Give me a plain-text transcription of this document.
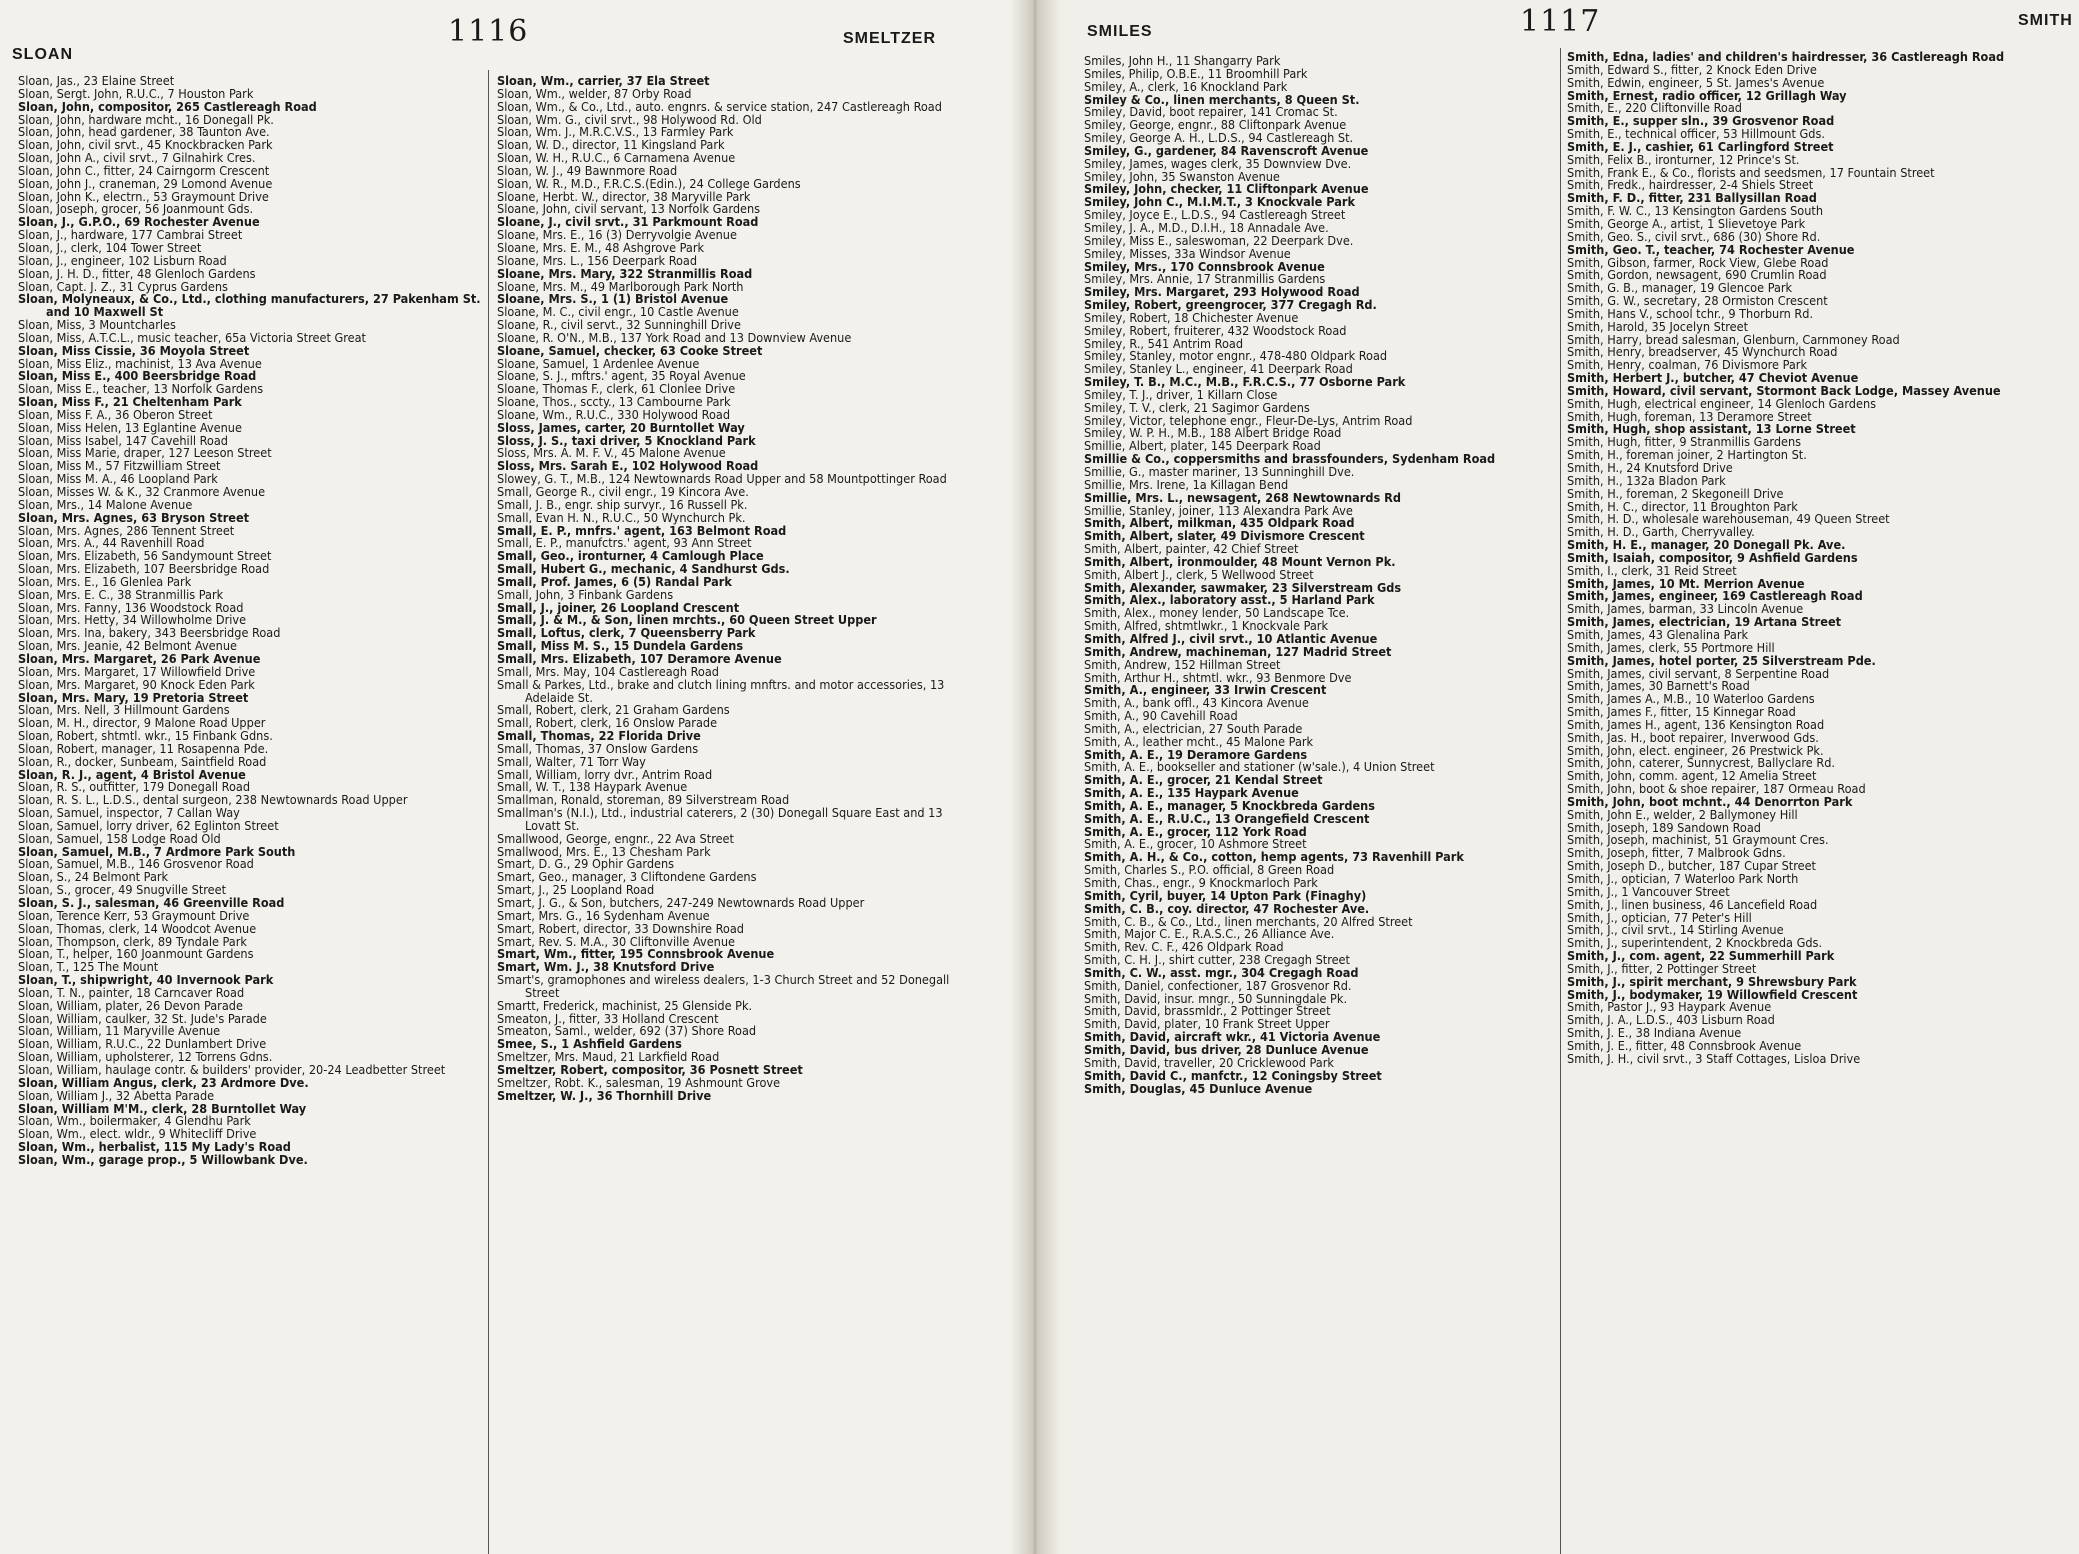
SLOAN
1116	SMELTZER

Sloan, Jas., 23 Elaine Street

Sloan, Sergt. John, R.U.C., 7 Houston Park

Sloan, John, compositor, 265 Castlereagh Road

Sloan, John, hardware mcht., 16 Donegall Pk.

Sloan, John, head gardener, 38 Taunton Ave.

Sloan, John, civil srvt., 45 Knockbracken Park

Sloan, John A., civil srvt., 7 Gilnahirk Cres.

Sloan, John C., fitter, 24 Cairngorm Crescent

Sloan, John J., craneman, 29 Lomond Avenue

Sloan, John K., electrn., 53 Graymount Drive

Sloan, Joseph, grocer, 56 Joanmount Gds.

Sloan, J., G.P.O., 69 Rochester Avenue

Sloan, J., hardware, 177 Cambrai Street

Sloan, J., clerk, 104 Tower Street

Sloan, J., engineer, 102 Lisburn Road

Sloan, J. H. D., fitter, 48 Glenloch Gardens

Sloan, Capt. J. Z., 31 Cyprus Gardens

Sloan, Molyneaux, & Co., Ltd., clothing manufacturers, 27 Pakenham St. and 10 Maxwell St

Sloan, Miss, 3 Mountcharles

Sloan, Miss, A.T.C.L., music teacher, 65a Victoria Street Great

Sloan, Miss Cissie, 36 Moyola Street

Sloan, Miss Eliz., machinist, 13 Ava Avenue

Sloan, Miss E., 400 Beersbridge Road

Sloan, Miss E., teacher, 13 Norfolk Gardens

Sloan, Miss F., 21 Cheltenham Park

Sloan, Miss F. A., 36 Oberon Street

Sloan, Miss Helen, 13 Eglantine Avenue

Sloan, Miss Isabel, 147 Cavehill Road

Sloan, Miss Marie, draper, 127 Leeson Street

Sloan, Miss M., 57 Fitzwilliam Street

Sloan, Miss M. A., 46 Loopland Park

Sloan, Misses W. & K., 32 Cranmore Avenue

Sloan, Mrs., 14 Malone Avenue

Sloan, Mrs. Agnes, 63 Bryson Street

Sloan, Mrs. Agnes, 286 Tennent Street

Sloan, Mrs. A., 44 Ravenhill Road

Sloan, Mrs. Elizabeth, 56 Sandymount Street

Sloan, Mrs. Elizabeth, 107 Beersbridge Road

Sloan, Mrs. E., 16 Glenlea Park

Sloan, Mrs. E. C., 38 Stranmillis Park

Sloan, Mrs. Fanny, 136 Woodstock Road

Sloan, Mrs. Hetty, 34 Willowholme Drive

Sloan, Mrs. Ina, bakery, 343 Beersbridge Road

Sloan, Mrs. Jeanie, 42 Belmont Avenue

Sloan, Mrs. Margaret, 26 Park Avenue

Sloan, Mrs. Margaret, 17 Willowfield Drive

Sloan, Mrs. Margaret, 90 Knock Eden Park

Sloan, Mrs. Mary, 19 Pretoria Street

Sloan, Mrs. Nell, 3 Hillmount Gardens

Sloan, M. H., director, 9 Malone Road Upper

Sloan, Robert, shtmtl. wkr., 15 Finbank Gdns.

Sloan, Robert, manager, 11 Rosapenna Pde.

Sloan, R., docker, Sunbeam, Saintfield Road

Sloan, R. J., agent, 4 Bristol Avenue

Sloan, R. S., outfitter, 179 Donegall Road

Sloan, R. S. L., L.D.S., dental surgeon, 238 Newtownards Road Upper

Sloan, Samuel, inspector, 7 Callan Way

Sloan, Samuel, lorry driver, 62 Eglinton Street

Sloan, Samuel, 158 Lodge Road Old

Sloan, Samuel, M.B., 7 Ardmore Park South

Sloan, Samuel, M.B., 146 Grosvenor Road

Sloan, S., 24 Belmont Park

Sloan, S., grocer, 49 Snugville Street

Sloan, S. J., salesman, 46 Greenville Road

Sloan, Terence Kerr, 53 Graymount Drive

Sloan, Thomas, clerk, 14 Woodcot Avenue

Sloan, Thompson, clerk, 89 Tyndale Park

Sloan, T., helper, 160 Joanmount Gardens

Sloan, T., 125 The Mount

Sloan, T., shipwright, 40 Invernook Park

Sloan, T. N., painter, 18 Carncaver Road

Sloan, William, plater, 26 Devon Parade

Sloan, William, caulker, 32 St. Jude's Parade

Sloan, William, 11 Maryville Avenue

Sloan, William, R.U.C., 22 Dunlambert Drive

Sloan, William, upholsterer, 12 Torrens Gdns.

Sloan, William, haulage contr. & builders' provider, 20-24 Leadbetter Street

Sloan, William Angus, clerk, 23 Ardmore Dve.

Sloan, William J., 32 Abetta Parade

Sloan, William M'M., clerk, 28 Burntollet Way

Sloan, Wm., boilermaker, 4 Glendhu Park

Sloan, Wm., elect. wldr., 9 Whitecliff Drive

Sloan, Wm., herbalist, 115 My Lady's Road

Sloan, Wm., garage prop., 5 Willowbank Dve.

Sloan, Wm., carrier, 37 Ela Street

Sloan, Wm., welder, 87 Orby Road

Sloan, Wm., & Co., Ltd., auto. engnrs. & service station, 247 Castlereagh Road

Sloan, Wm. G., civil srvt., 98 Holywood Rd. Old

Sloan, Wm. J., M.R.C.V.S., 13 Farmley Park

Sloan, W. D., director, 11 Kingsland Park

Sloan, W. H., R.U.C., 6 Carnamena Avenue

Sloan, W. J., 49 Bawnmore Road

Sloan, W. R., M.D., F.R.C.S.(Edin.), 24 College Gardens

Sloane, Herbt. W., director, 38 Maryville Park

Sloane, John, civil servant, 13 Norfolk Gardens

Sloane, J., civil srvt., 31 Parkmount Road

Sloane, Mrs. E., 16 (3) Derryvolgie Avenue

Sloane, Mrs. E. M., 48 Ashgrove Park

Sloane, Mrs. L., 156 Deerpark Road

Sloane, Mrs. Mary, 322 Stranmillis Road

Sloane, Mrs. M., 49 Marlborough Park North

Sloane, Mrs. S., 1 (1) Bristol Avenue

Sloane, M. C., civil engr., 10 Castle Avenue

Sloane, R., civil servt., 32 Sunninghill Drive

Sloane, R. O'N., M.B., 137 York Road and 13 Downview Avenue

Sloane, Samuel, checker, 63 Cooke Street

Sloane, Samuel, 1 Ardenlee Avenue

Sloane, S. J., mftrs.' agent, 35 Royal Avenue

Sloane, Thomas F., clerk, 61 Clonlee Drive

Sloane, Thos., sccty., 13 Cambourne Park

Sloane, Wm., R.U.C., 330 Holywood Road

Sloss, James, carter, 20 Burntollet Way

Sloss, J. S., taxi driver, 5 Knockland Park

Sloss, Mrs. A. M. F. V., 45 Malone Avenue

Sloss, Mrs. Sarah E., 102 Holywood Road

Slowey, G. T., M.B., 124 Newtownards Road Upper and 58 Mountpottinger Road

Small, George R., civil engr., 19 Kincora Ave.

Small, J. B., engr. ship survyr., 16 Russell Pk.

Small, Evan H. N., R.U.C., 50 Wynchurch Pk.

Small, E. P., mnfrs.' agent, 163 Belmont Road

Small, E. P., manufctrs.' agent, 93 Ann Street

Small, Geo., ironturner, 4 Camlough Place

Small, Hubert G., mechanic, 4 Sandhurst Gds.

Small, Prof. James, 6 (5) Randal Park

Small, John, 3 Finbank Gardens

Small, J., joiner, 26 Loopland Crescent

Small, J. & M., & Son, linen mrchts., 60 Queen Street Upper

Small, Loftus, clerk, 7 Queensberry Park

Small, Miss M. S., 15 Dundela Gardens

Small, Mrs. Elizabeth, 107 Deramore Avenue

Small, Mrs. May, 104 Castlereagh Road

Small & Parkes, Ltd., brake and clutch lining mnftrs. and motor accessories, 13 Adelaide St.

Small, Robert, clerk, 21 Graham Gardens

Small, Robert, clerk, 16 Onslow Parade

Small, Thomas, 22 Florida Drive

Small, Thomas, 37 Onslow Gardens

Small, Walter, 71 Torr Way

Small, William, lorry dvr., Antrim Road

Small, W. T., 138 Haypark Avenue

Smallman, Ronald, storeman, 89 Silverstream Road

Smallman's (N.I.), Ltd., industrial caterers, 2 (30) Donegall Square East and 13 Lovatt St.

Smallwood, George, engnr., 22 Ava Street

Smallwood, Mrs. E., 13 Chesham Park

Smart, D. G., 29 Ophir Gardens

Smart, Geo., manager, 3 Cliftondene Gardens

Smart, J., 25 Loopland Road

Smart, J. G., & Son, butchers, 247-249 Newtownards Road Upper

Smart, Mrs. G., 16 Sydenham Avenue

Smart, Robert, director, 33 Downshire Road

Smart, Rev. S. M.A., 30 Cliftonville Avenue

Smart, Wm., fitter, 195 Connsbrook Avenue

Smart, Wm. J., 38 Knutsford Drive

Smart's, gramophones and wireless dealers, 1-3 Church Street and 52 Donegall Street

Smartt, Frederick, machinist, 25 Glenside Pk.

Smeaton, J., fitter, 33 Holland Crescent

Smeaton, Saml., welder, 692 (37) Shore Road

Smee, S., 1 Ashfield Gardens

Smeltzer, Mrs. Maud, 21 Larkfield Road

Smeltzer, Robert, compositor, 36 Posnett Street

Smeltzer, Robt. K., salesman, 19 Ashmount Grove

Smeltzer, W. J., 36 Thornhill Drive

SMILES	1117	SMITH

Smiles, John H., 11 Shangarry Park

Smiles, Philip, O.B.E., 11 Broomhill Park

Smiley, A., clerk, 16 Knockland Park

Smiley & Co., linen merchants, 8 Queen St.

Smiley, David, boot repairer, 141 Cromac St.

Smiley, George, engnr., 88 Cliftonpark Avenue

Smiley, George A. H., L.D.S., 94 Castlereagh St.

Smiley, G., gardener, 84 Ravenscroft Avenue

Smiley, James, wages clerk, 35 Downview Dve.

Smiley, John, 35 Swanston Avenue

Smiley, John, checker, 11 Cliftonpark Avenue

Smiley, John C., M.I.M.T., 3 Knockvale Park

Smiley, Joyce E., L.D.S., 94 Castlereagh Street

Smiley, J. A., M.D., D.I.H., 18 Annadale Ave.

Smiley, Miss E., saleswoman, 22 Deerpark Dve.

Smiley, Misses, 33a Windsor Avenue

Smiley, Mrs., 170 Connsbrook Avenue

Smiley, Mrs. Annie, 17 Stranmillis Gardens

Smiley, Mrs. Margaret, 293 Holywood Road

Smiley, Robert, greengrocer, 377 Cregagh Rd.

Smiley, Robert, 18 Chichester Avenue

Smiley, Robert, fruiterer, 432 Woodstock Road

Smiley, R., 541 Antrim Road

Smiley, Stanley, motor engnr., 478-480 Oldpark Road

Smiley, Stanley L., engineer, 41 Deerpark Road

Smiley, T. B., M.C., M.B., F.R.C.S., 77 Osborne Park

Smiley, T. J., driver, 1 Killarn Close

Smiley, T. V., clerk, 21 Sagimor Gardens

Smiley, Victor, telephone engr., Fleur-De-Lys, Antrim Road

Smiley, W. P. H., M.B., 188 Albert Bridge Road

Smillie, Albert, plater, 145 Deerpark Road

Smillie & Co., coppersmiths and brassfounders, Sydenham Road

Smillie, G., master mariner, 13 Sunninghill Dve.

Smillie, Mrs. Irene, 1a Killagan Bend

Smillie, Mrs. L., newsagent, 268 Newtownards Rd

Smillie, Stanley, joiner, 113 Alexandra Park Ave

Smith, Albert, milkman, 435 Oldpark Road

Smith, Albert, slater, 49 Divismore Crescent

Smith, Albert, painter, 42 Chief Street

Smith, Albert, ironmoulder, 48 Mount Vernon Pk.

Smith, Albert J., clerk, 5 Wellwood Street

Smith, Alexander, sawmaker, 23 Silverstream Gds

Smith, Alex., laboratory asst., 5 Harland Park

Smith, Alex., money lender, 50 Landscape Tce.

Smith, Alfred, shtmtlwkr., 1 Knockvale Park

Smith, Alfred J., civil srvt., 10 Atlantic Avenue

Smith, Andrew, machineman, 127 Madrid Street

Smith, Andrew, 152 Hillman Street

Smith, Arthur H., shtmtl. wkr., 93 Benmore Dve

Smith, A., engineer, 33 Irwin Crescent

Smith, A., bank offl., 43 Kincora Avenue

Smith, A., 90 Cavehill Road

Smith, A., electrician, 27 South Parade

Smith, A., leather mcht., 45 Malone Park

Smith, A. E., 19 Deramore Gardens

Smith, A. E., bookseller and stationer (w'sale.), 4 Union Street

Smith, A. E., grocer, 21 Kendal Street

Smith, A. E., 135 Haypark Avenue

Smith, A. E., manager, 5 Knockbreda Gardens

Smith, A. E., R.U.C., 13 Orangefield Crescent

Smith, A. E., grocer, 112 York Road

Smith, A. E., grocer, 10 Ashmore Street

Smith, A. H., & Co., cotton, hemp agents, 73 Ravenhill Park

Smith, Charles S., P.O. official, 8 Green Road

Smith, Chas., engr., 9 Knockmarloch Park

Smith, Cyril, buyer, 14 Upton Park (Finaghy)

Smith, C. B., coy. director, 47 Rochester Ave.

Smith, C. B., & Co., Ltd., linen merchants, 20 Alfred Street

Smith, Major C. E., R.A.S.C., 26 Alliance Ave.

Smith, Rev. C. F., 426 Oldpark Road

Smith, C. H. J., shirt cutter, 238 Cregagh Street

Smith, C. W., asst. mgr., 304 Cregagh Road

Smith, Daniel, confectioner, 187 Grosvenor Rd.

Smith, David, insur. mngr., 50 Sunningdale Pk.

Smith, David, brassmldr., 2 Pottinger Street

Smith, David, plater, 10 Frank Street Upper

Smith, David, aircraft wkr., 41 Victoria Avenue

Smith, David, bus driver, 28 Dunluce Avenue

Smith, David, traveller, 20 Cricklewood Park

Smith, David C., manfctr., 12 Coningsby Street

Smith, Douglas, 45 Dunluce Avenue

Smith, Edna, ladies' and children's hairdresser, 36 Castlereagh Road

Smith, Edward S., fitter, 2 Knock Eden Drive

Smith, Edwin, engineer, 5 St. James's Avenue

Smith, Ernest, radio officer, 12 Grillagh Way

Smith, E., 220 Cliftonville Road

Smith, E., supper sln., 39 Grosvenor Road

Smith, E., technical officer, 53 Hillmount Gds.

Smith, E. J., cashier, 61 Carlingford Street

Smith, Felix B., ironturner, 12 Prince's St.

Smith, Frank E., & Co., florists and seedsmen, 17 Fountain Street

Smith, Fredk., hairdresser, 2-4 Shiels Street

Smith, F. D., fitter, 231 Ballysillan Road

Smith, F. W. C., 13 Kensington Gardens South

Smith, George A., artist, 1 Slievetoye Park

Smith, Geo. S., civil srvt., 686 (30) Shore Rd.

Smith, Geo. T., teacher, 74 Rochester Avenue

Smith, Gibson, farmer, Rock View, Glebe Road

Smith, Gordon, newsagent, 690 Crumlin Road

Smith, G. B., manager, 19 Glencoe Park

Smith, G. W., secretary, 28 Ormiston Crescent

Smith, Hans V., school tchr., 9 Thorburn Rd.

Smith, Harold, 35 Jocelyn Street

Smith, Harry, bread salesman, Glenburn, Carnmoney Road

Smith, Henry, breadserver, 45 Wynchurch Road

Smith, Henry, coalman, 76 Divismore Park

Smith, Herbert J., butcher, 47 Cheviot Avenue

Smith, Howard, civil servant, Stormont Back Lodge, Massey Avenue

Smith, Hugh, electrical engineer, 14 Glenloch Gardens

Smith, Hugh, foreman, 13 Deramore Street

Smith, Hugh, shop assistant, 13 Lorne Street

Smith, Hugh, fitter, 9 Stranmillis Gardens

Smith, H., foreman joiner, 2 Hartington St.

Smith, H., 24 Knutsford Drive

Smith, H., 132a Bladon Park

Smith, H., foreman, 2 Skegoneill Drive

Smith, H. C., director, 11 Broughton Park

Smith, H. D., wholesale warehouseman, 49 Queen Street

Smith, H. D., Garth, Cherryvalley.

Smith, H. E., manager, 20 Donegall Pk. Ave.

Smith, Isaiah, compositor, 9 Ashfield Gardens

Smith, I., clerk, 31 Reid Street

Smith, James, 10 Mt. Merrion Avenue

Smith, James, engineer, 169 Castlereagh Road

Smith, James, barman, 33 Lincoln Avenue

Smith, James, electrician, 19 Artana Street

Smith, James, 43 Glenalina Park

Smith, James, clerk, 55 Portmore Hill

Smith, James, hotel porter, 25 Silverstream Pde.

Smith, James, civil servant, 8 Serpentine Road

Smith, James, 30 Barnett's Road

Smith, James A., M.B., 10 Waterloo Gardens

Smith, James F., fitter, 15 Kinnegar Road

Smith, James H., agent, 136 Kensington Road

Smith, Jas. H., boot repairer, Inverwood Gds.

Smith, John, elect. engineer, 26 Prestwick Pk.

Smith, John, caterer, Sunnycrest, Ballyclare Rd.

Smith, John, comm. agent, 12 Amelia Street

Smith, John, boot & shoe repairer, 187 Ormeau Road

Smith, John, boot mchnt., 44 Denorrton Park

Smith, John E., welder, 2 Ballymoney Hill

Smith, Joseph, 189 Sandown Road

Smith, Joseph, machinist, 51 Graymount Cres.

Smith, Joseph, fitter, 7 Malbrook Gdns.

Smith, Joseph D., butcher, 187 Cupar Street

Smith, J., optician, 7 Waterloo Park North

Smith, J., 1 Vancouver Street

Smith, J., linen business, 46 Lancefield Road

Smith, J., optician, 77 Peter's Hill

Smith, J., civil srvt., 14 Stirling Avenue

Smith, J., superintendent, 2 Knockbreda Gds.

Smith, J., com. agent, 22 Summerhill Park

Smith, J., fitter, 2 Pottinger Street

Smith, J., spirit merchant, 9 Shrewsbury Park

Smith, J., bodymaker, 19 Willowfield Crescent

Smith, Pastor J., 93 Haypark Avenue

Smith, J. A., L.D.S., 403 Lisburn Road

Smith, J. E., 38 Indiana Avenue

Smith, J. E., fitter, 48 Connsbrook Avenue

Smith, J. H., civil srvt., 3 Staff Cottages, Lisloa Drive
